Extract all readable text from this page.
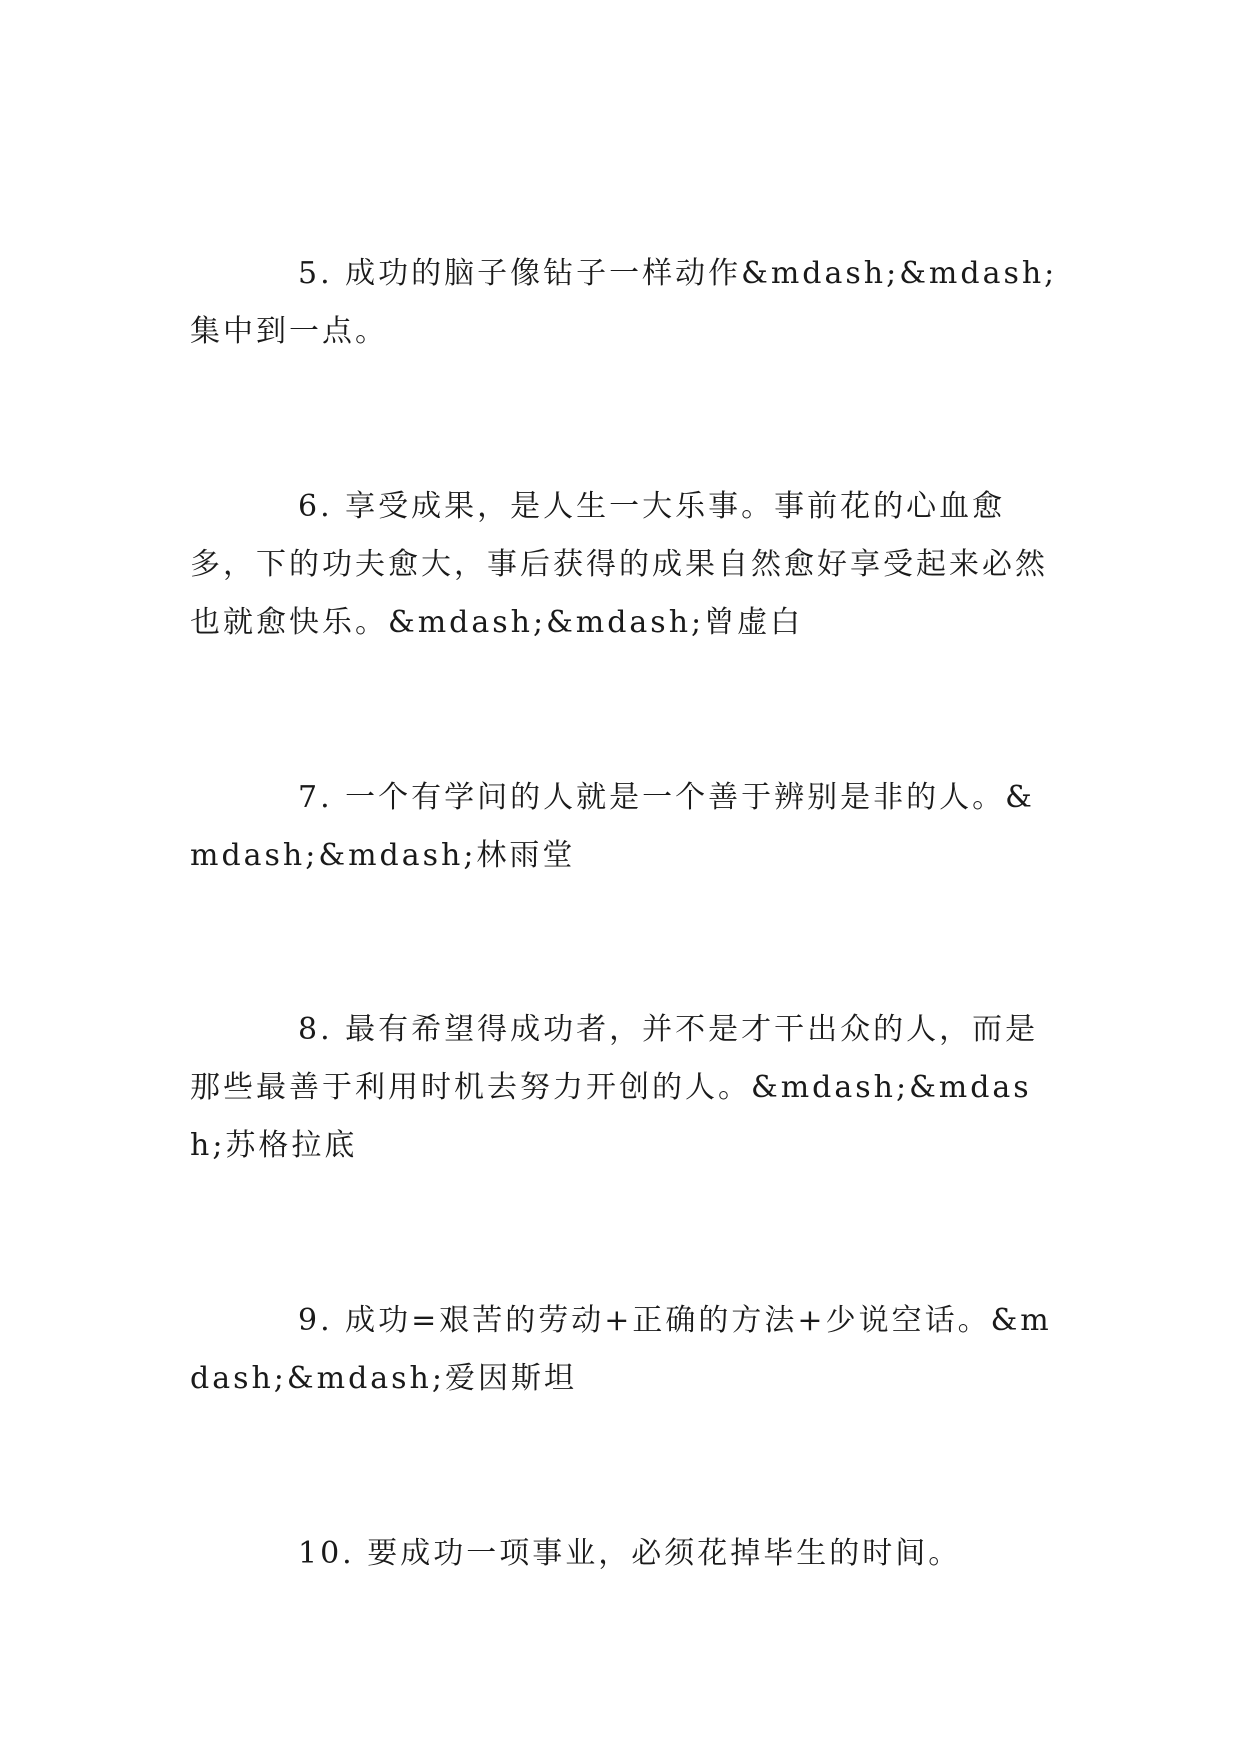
5. 成功的脑子像钻子一样动作&mdash;&mdash;集中到一点。

6. 享受成果，是人生一大乐事。事前花的心血愈多，下的功夫愈大，事后获得的成果自然愈好享受起来必然也就愈快乐。&mdash;&mdash;曾虚白

7. 一个有学问的人就是一个善于辨别是非的人。&mdash;&mdash;林雨堂

8. 最有希望得成功者，并不是才干出众的人，而是那些最善于利用时机去努力开创的人。&mdash;&mdash;苏格拉底

9. 成功=艰苦的劳动+正确的方法+少说空话。&mdash;&mdash;爱因斯坦

10. 要成功一项事业，必须花掉毕生的时间。
